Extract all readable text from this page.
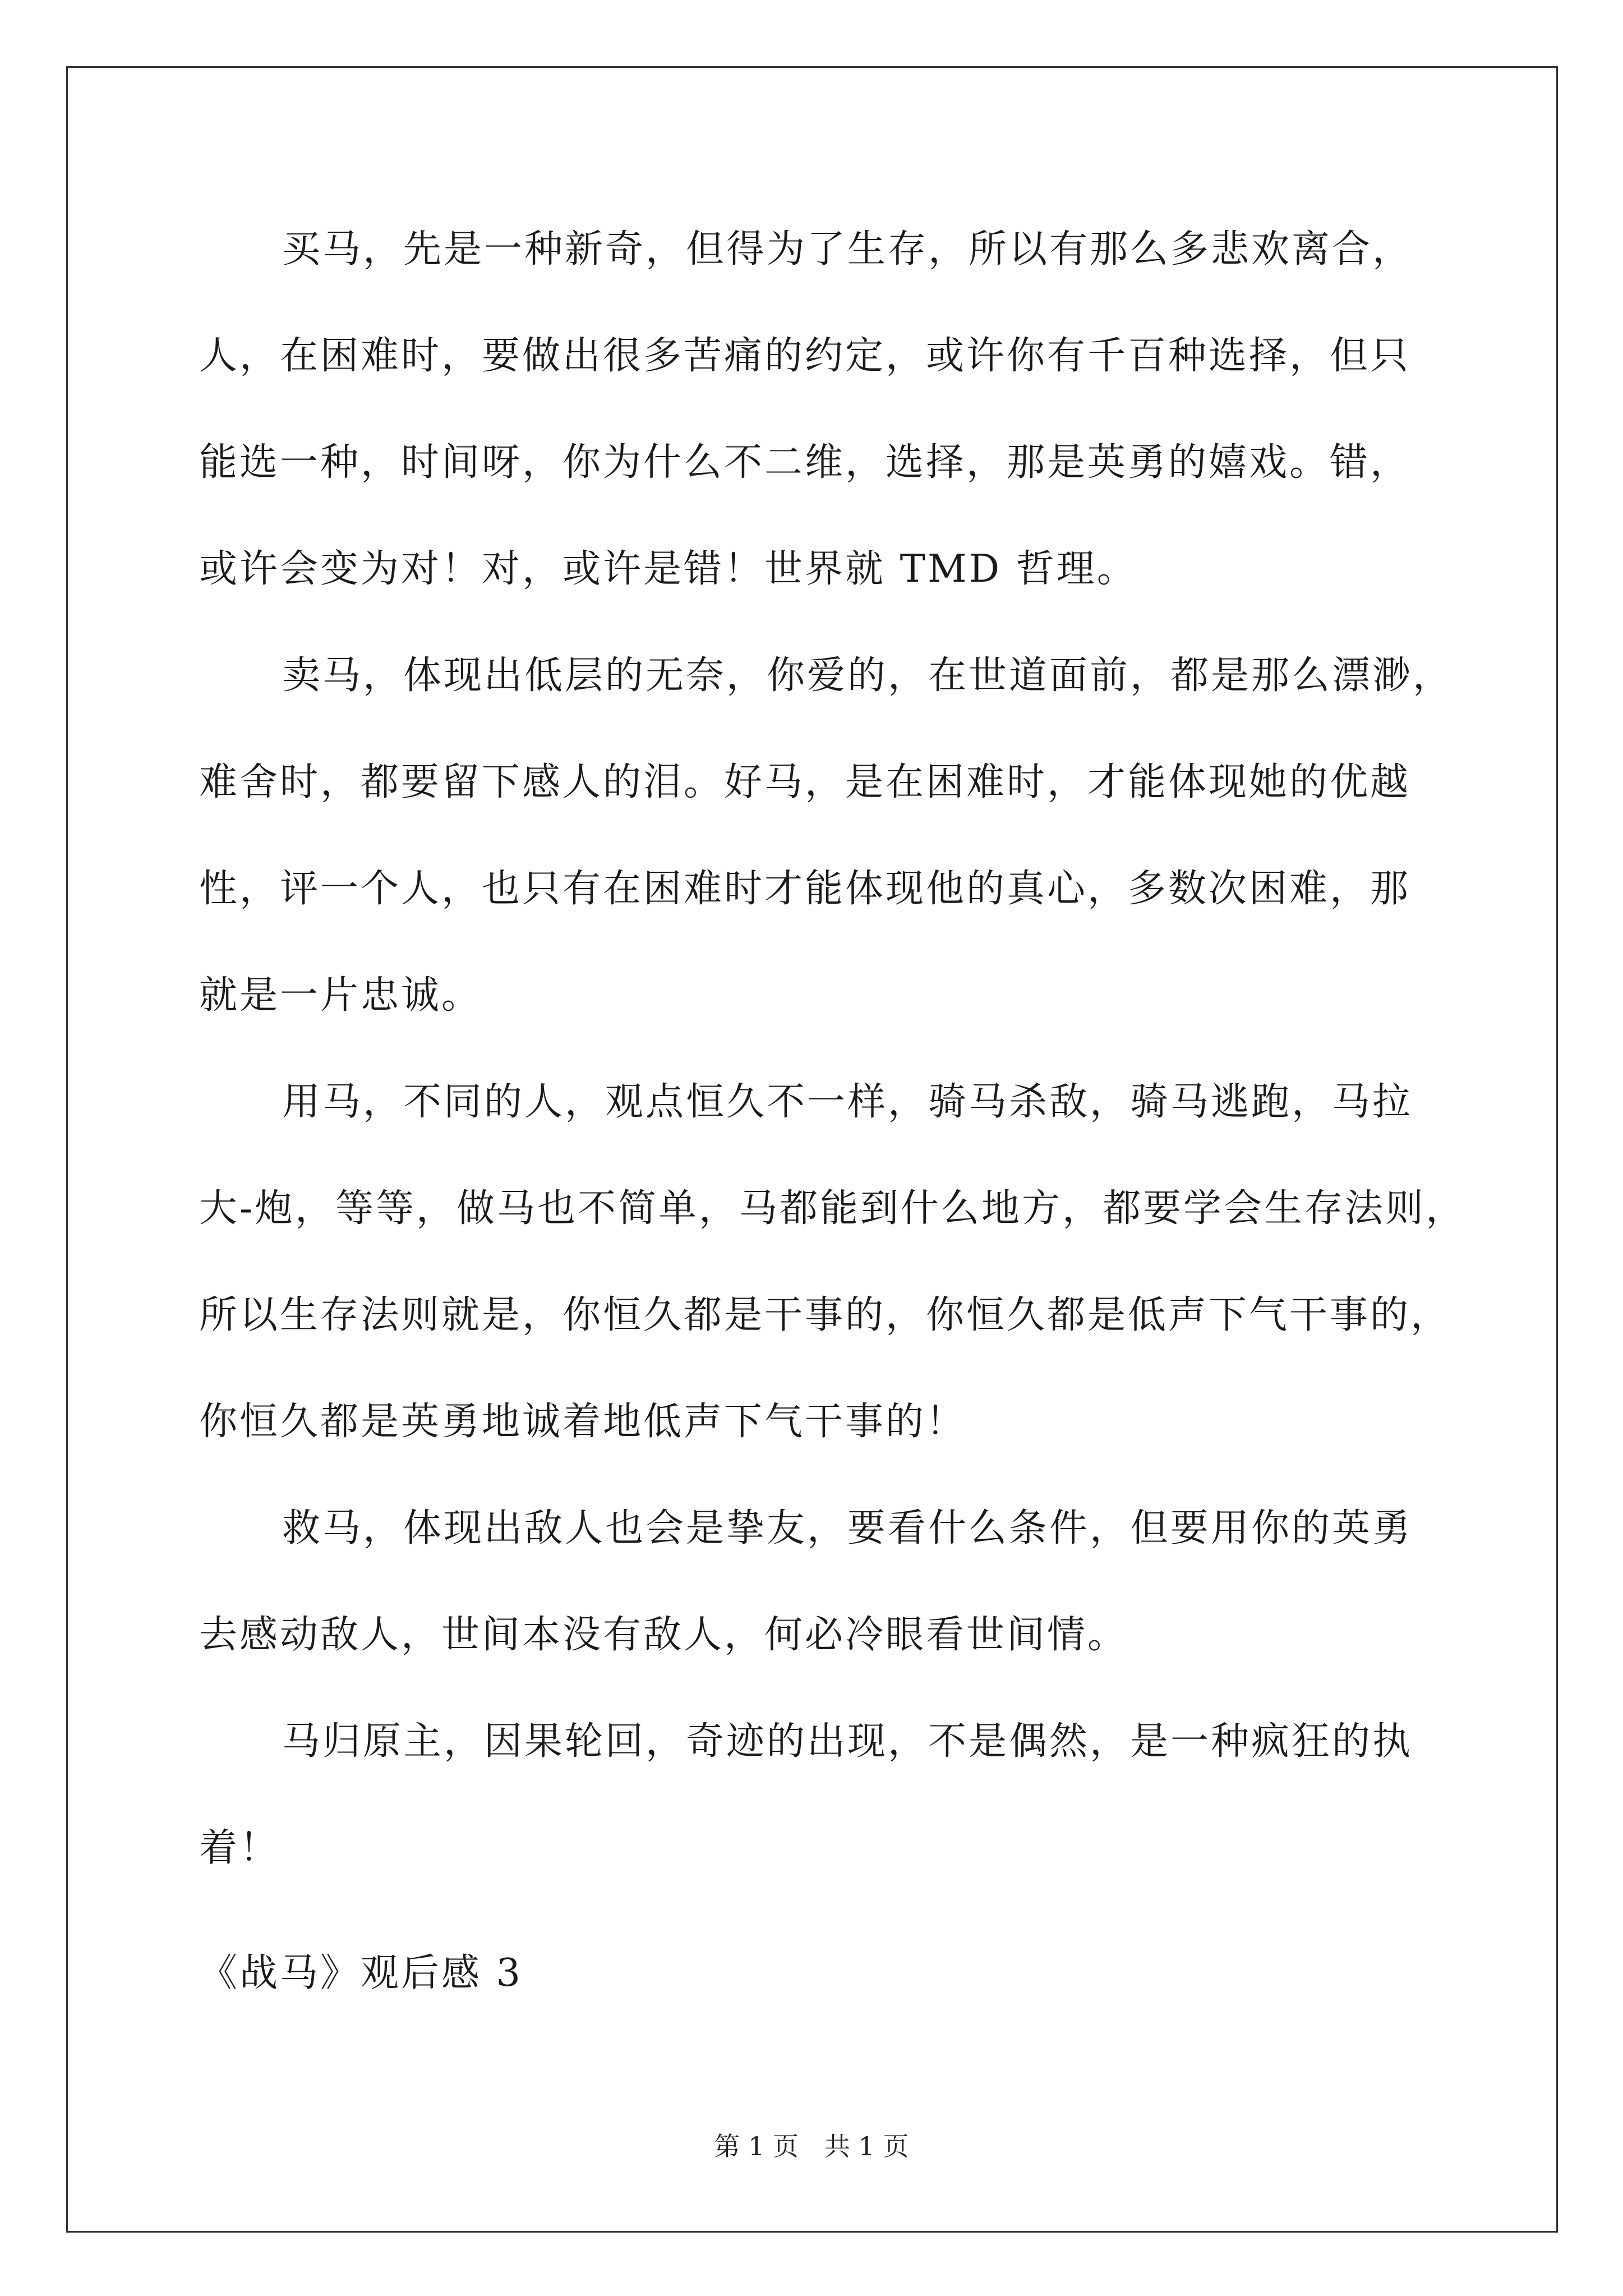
买马，先是一种新奇，但得为了生存，所以有那么多悲欢离合，
人，在困难时，要做出很多苦痛的约定，或许你有千百种选择，但只
能选一种，时间呀，你为什么不二维，选择，那是英勇的嬉戏。错，
或许会变为对！对，或许是错！世界就 TMD 哲理。
卖马，体现出低层的无奈，你爱的，在世道面前，都是那么漂渺，
难舍时，都要留下感人的泪。好马，是在困难时，才能体现她的优越
性，评一个人，也只有在困难时才能体现他的真心，多数次困难，那
就是一片忠诚。
用马，不同的人，观点恒久不一样，骑马杀敌，骑马逃跑，马拉
大-炮，等等，做马也不简单，马都能到什么地方，都要学会生存法则，
所以生存法则就是，你恒久都是干事的，你恒久都是低声下气干事的，
你恒久都是英勇地诚着地低声下气干事的！
救马，体现出敌人也会是挚友，要看什么条件，但要用你的英勇
去感动敌人，世间本没有敌人，何必冷眼看世间情。
马归原主，因果轮回，奇迹的出现，不是偶然，是一种疯狂的执
着！
《战马》观后感 3
第 1 页　共 1 页
